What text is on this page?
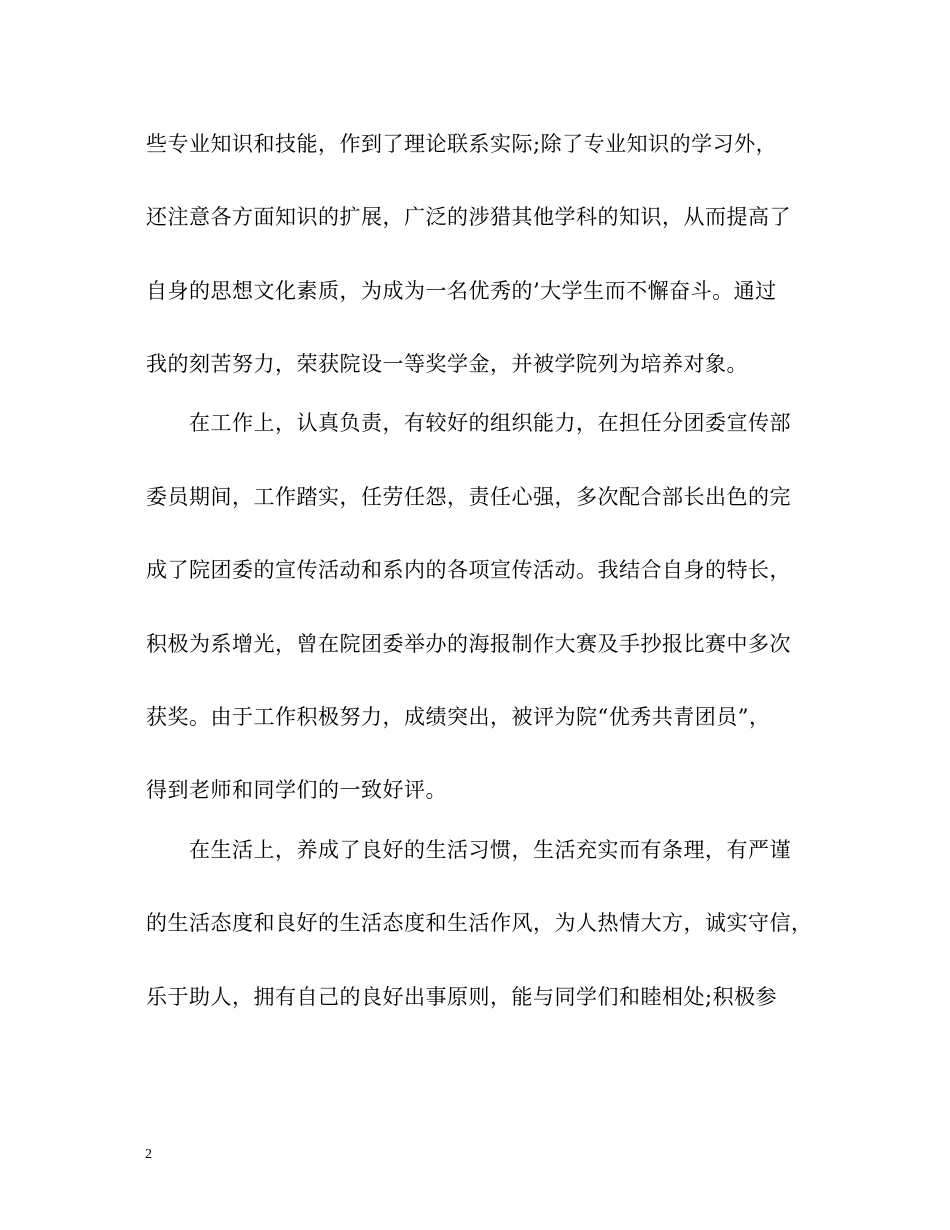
些专业知识和技能，作到了理论联系实际;除了专业知识的学习外，
还注意各方面知识的扩展，广泛的涉猎其他学科的知识，从而提高了
自身的思想文化素质，为成为一名优秀的’大学生而不懈奋斗。通过
我的刻苦努力，荣获院设一等奖学金，并被学院列为培养对象。
　　在工作上，认真负责，有较好的组织能力，在担任分团委宣传部
委员期间，工作踏实，任劳任怨，责任心强，多次配合部长出色的完
成了院团委的宣传活动和系内的各项宣传活动。我结合自身的特长，
积极为系增光，曾在院团委举办的海报制作大赛及手抄报比赛中多次
获奖。由于工作积极努力，成绩突出，被评为院“优秀共青团员”，
得到老师和同学们的一致好评。
　　在生活上，养成了良好的生活习惯，生活充实而有条理，有严谨
的生活态度和良好的生活态度和生活作风，为人热情大方，诚实守信，
乐于助人，拥有自己的良好出事原则，能与同学们和睦相处;积极参
2
